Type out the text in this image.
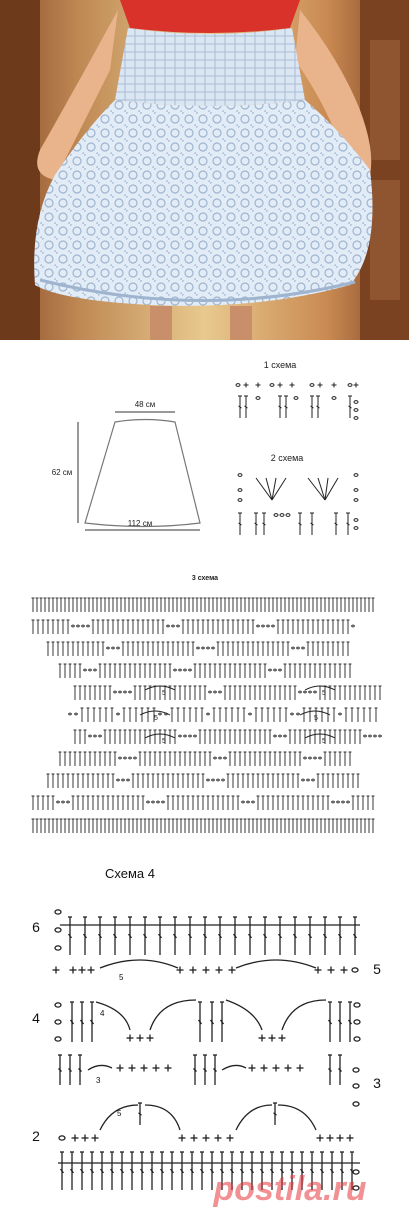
48 см
62 см
112 см
1 схема
2 схема
3 схема
5	5
5	5
5	5
Схема 4
6
5
4
3
2
5
4
3
5
postila.ru
